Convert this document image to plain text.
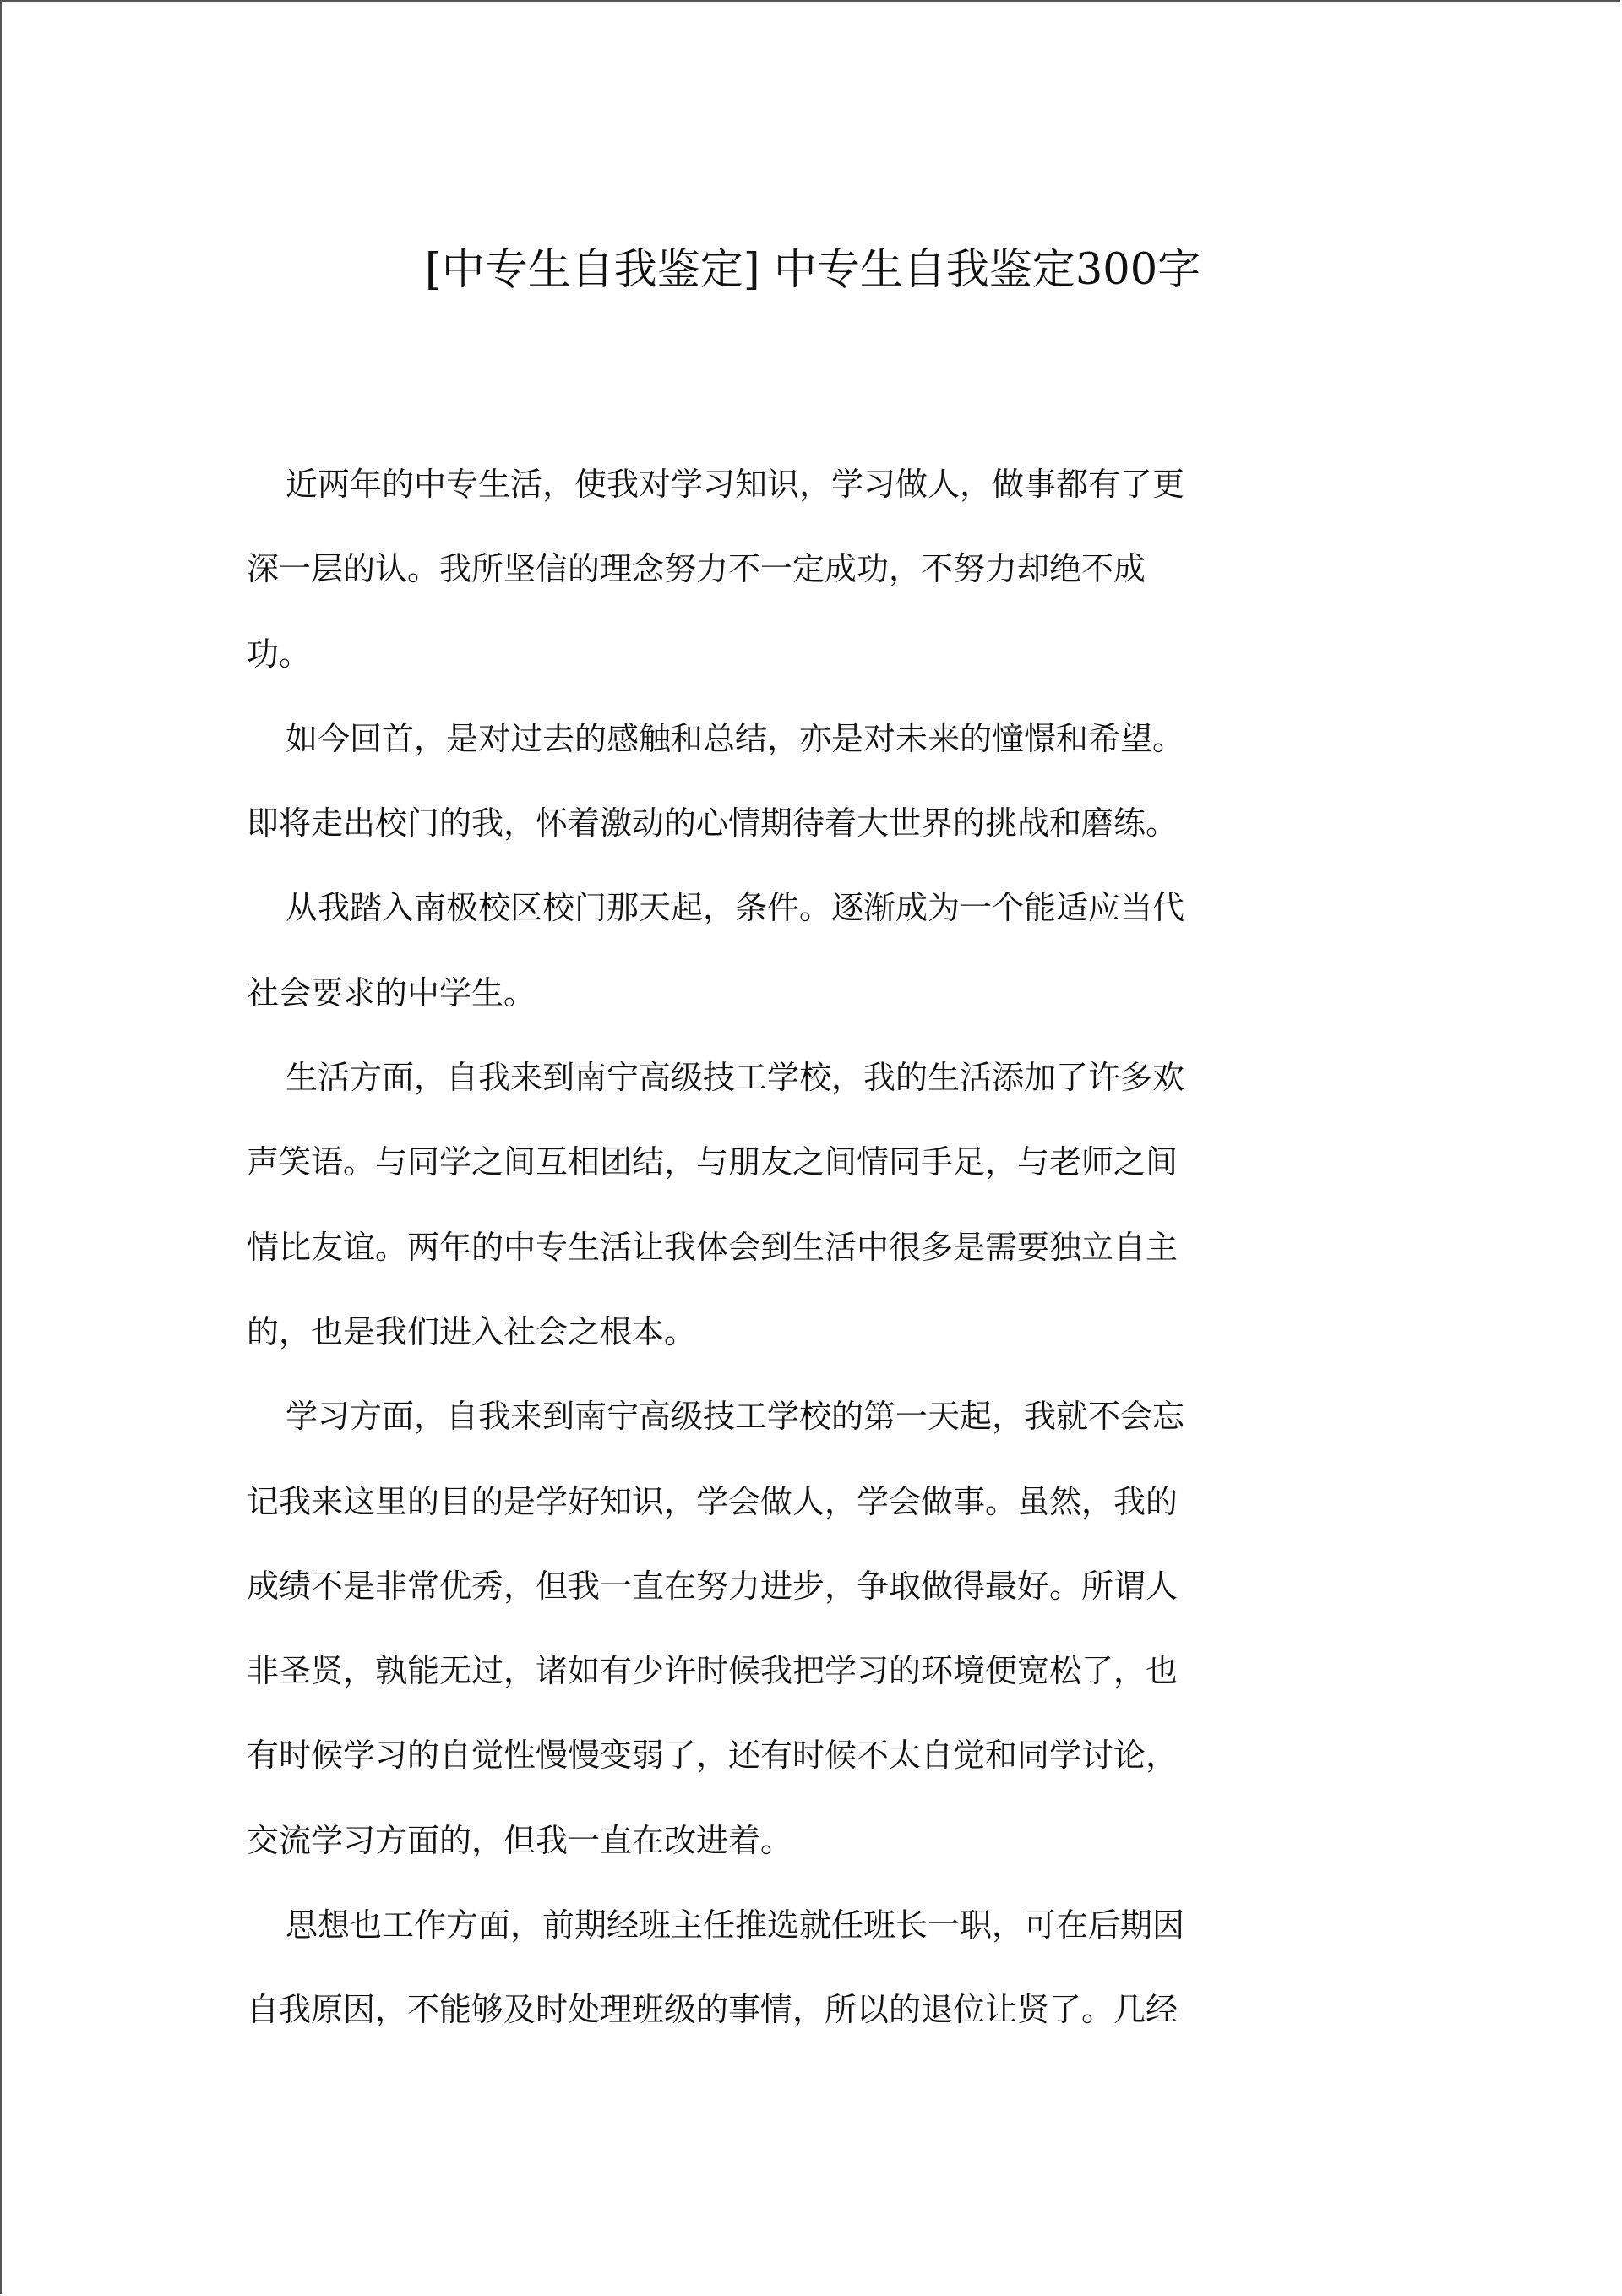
[中专生自我鉴定] 中专生自我鉴定300字
近两年的中专生活，使我对学习知识，学习做人，做事都有了更
深一层的认。我所坚信的理念努力不一定成功，不努力却绝不成
功。
如今回首，是对过去的感触和总结，亦是对未来的憧憬和希望。
即将走出校门的我，怀着激动的心情期待着大世界的挑战和磨练。
从我踏入南极校区校门那天起，条件。逐渐成为一个能适应当代
社会要求的中学生。
生活方面，自我来到南宁高级技工学校，我的生活添加了许多欢
声笑语。与同学之间互相团结，与朋友之间情同手足，与老师之间
情比友谊。两年的中专生活让我体会到生活中很多是需要独立自主
的，也是我们进入社会之根本。
学习方面，自我来到南宁高级技工学校的第一天起，我就不会忘
记我来这里的目的是学好知识，学会做人，学会做事。虽然，我的
成绩不是非常优秀，但我一直在努力进步，争取做得最好。所谓人
非圣贤，孰能无过，诸如有少许时候我把学习的环境便宽松了，也
有时候学习的自觉性慢慢变弱了，还有时候不太自觉和同学讨论，
交流学习方面的，但我一直在改进着。
思想也工作方面，前期经班主任推选就任班长一职，可在后期因
自我原因，不能够及时处理班级的事情，所以的退位让贤了。几经
